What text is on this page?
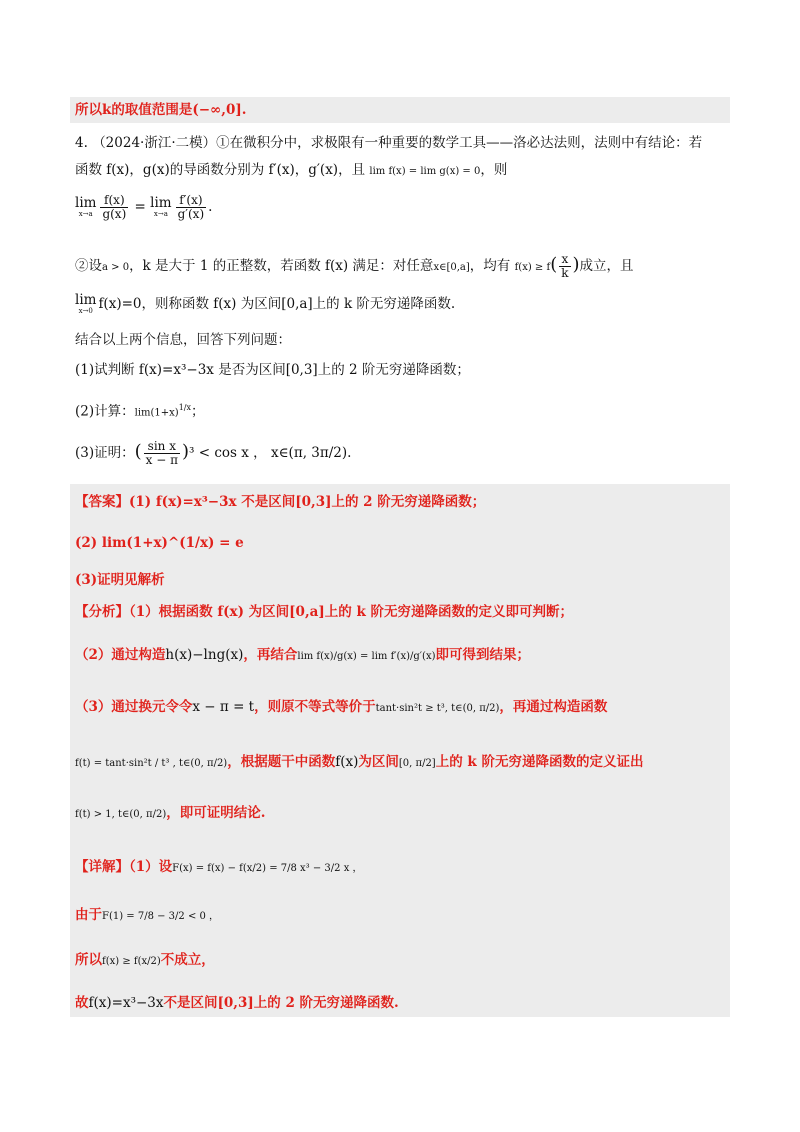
所以k的取值范围是(−∞,0].
4. （2024·浙江·二模）①在微积分中，求极限有一种重要的数学工具——洛必达法则，法则中有结论：若
函数 f(x)，g(x)的导函数分别为 f′(x)，g′(x)，且 lim f(x) = lim g(x) = 0，则
lim
$x\to a \frac{f(x)}{g(x)} = \lim$
$x\to a \frac{f'(x)}{g'(x)}$ .
②设a > 0，k 是大于 1 的正整数，若函数 f(x) 满足：对任意x∈[0,a]，均有 $f(x) \ge f( \frac{x}{k}$ )成立，且
lim
x→0 f(x)=0，则称函数 f(x) 为区间[0,a]上的 k 阶无穷递降函数.
结合以上两个信息，回答下列问题：
(1)试判断 f(x)=x³−3x 是否为区间[0,3]上的 2 阶无穷递降函数；
(2)计算：$\lim(1+x)^{1/x}$；
(3)证明：( $\frac{\text{sin x}}{x - \pi} )^3 < \cos x$ ， x∈(π, 3π/2).
【答案】(1) f(x)=x³−3x 不是区间[0,3]上的 2 阶无穷递降函数；
(2) lim(1+x)^(1/x) = e
(3)证明见解析
【分析】（1）根据函数 f(x) 为区间[0,a]上的 k 阶无穷递降函数的定义即可判断；
（2）通过构造h(x)−lng(x)，再结合lim f(x)/g(x) = lim f′(x)/g′(x)即可得到结果；
（3）通过换元令令x − π = t，则原不等式等价于tant·sin²t ≥ t³, t∈(0, π/2)，再通过构造函数
f(t) = tant·sin²t / t³ , t∈(0, π/2)，根据题干中函数f(x)为区间[0, π/2]上的 k 阶无穷递降函数的定义证出
f(t) > 1, t∈(0, π/2)，即可证明结论.
【详解】（1）设F(x) = f(x) − f(x/2) = 7/8 x³ − 3/2 x ，
由于F(1) = 7/8 − 3/2 < 0 ，
所以f(x) ≥ f(x/2)不成立，
故f(x)=x³−3x不是区间[0,3]上的 2 阶无穷递降函数.
